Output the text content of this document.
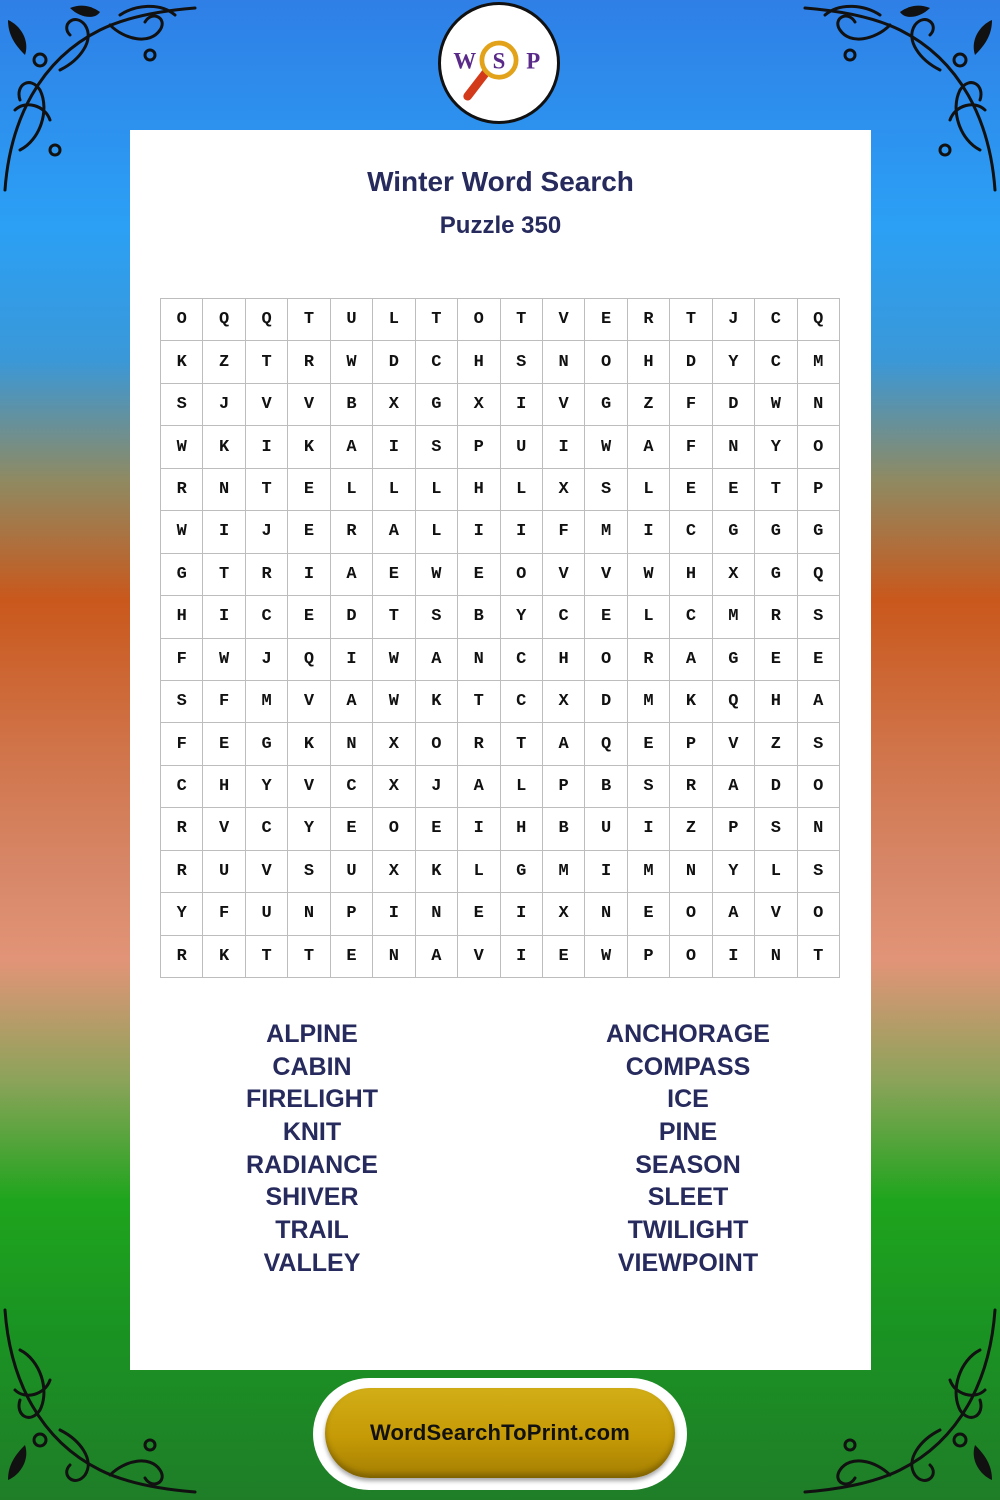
S
W P
Winter Word Search
Puzzle 350
O	Q	Q	T	U	L	T	O	T	V	E	R	T	J	C	Q
K	Z	T	R	W	D	C	H	S	N	O	H	D	Y	C	M
S	J	V	V	B	X	G	X	I	V	G	Z	F	D	W	N
W	K	I	K	A	I	S	P	U	I	W	A	F	N	Y	O
R	N	T	E	L	L	L	H	L	X	S	L	E	E	T	P
W	I	J	E	R	A	L	I	I	F	M	I	C	G	G	G
G	T	R	I	A	E	W	E	O	V	V	W	H	X	G	Q
H	I	C	E	D	T	S	B	Y	C	E	L	C	M	R	S
F	W	J	Q	I	W	A	N	C	H	O	R	A	G	E	E
S	F	M	V	A	W	K	T	C	X	D	M	K	Q	H	A
F	E	G	K	N	X	O	R	T	A	Q	E	P	V	Z	S
C	H	Y	V	C	X	J	A	L	P	B	S	R	A	D	O
R	V	C	Y	E	O	E	I	H	B	U	I	Z	P	S	N
R	U	V	S	U	X	K	L	G	M	I	M	N	Y	L	S
Y	F	U	N	P	I	N	E	I	X	N	E	O	A	V	O
R	K	T	T	E	N	A	V	I	E	W	P	O	I	N	T
ALPINE
CABIN
FIRELIGHT
KNIT
RADIANCE
SHIVER
TRAIL
VALLEY
ANCHORAGE
COMPASS
ICE
PINE
SEASON
SLEET
TWILIGHT
VIEWPOINT
WordSearchToPrint.com
